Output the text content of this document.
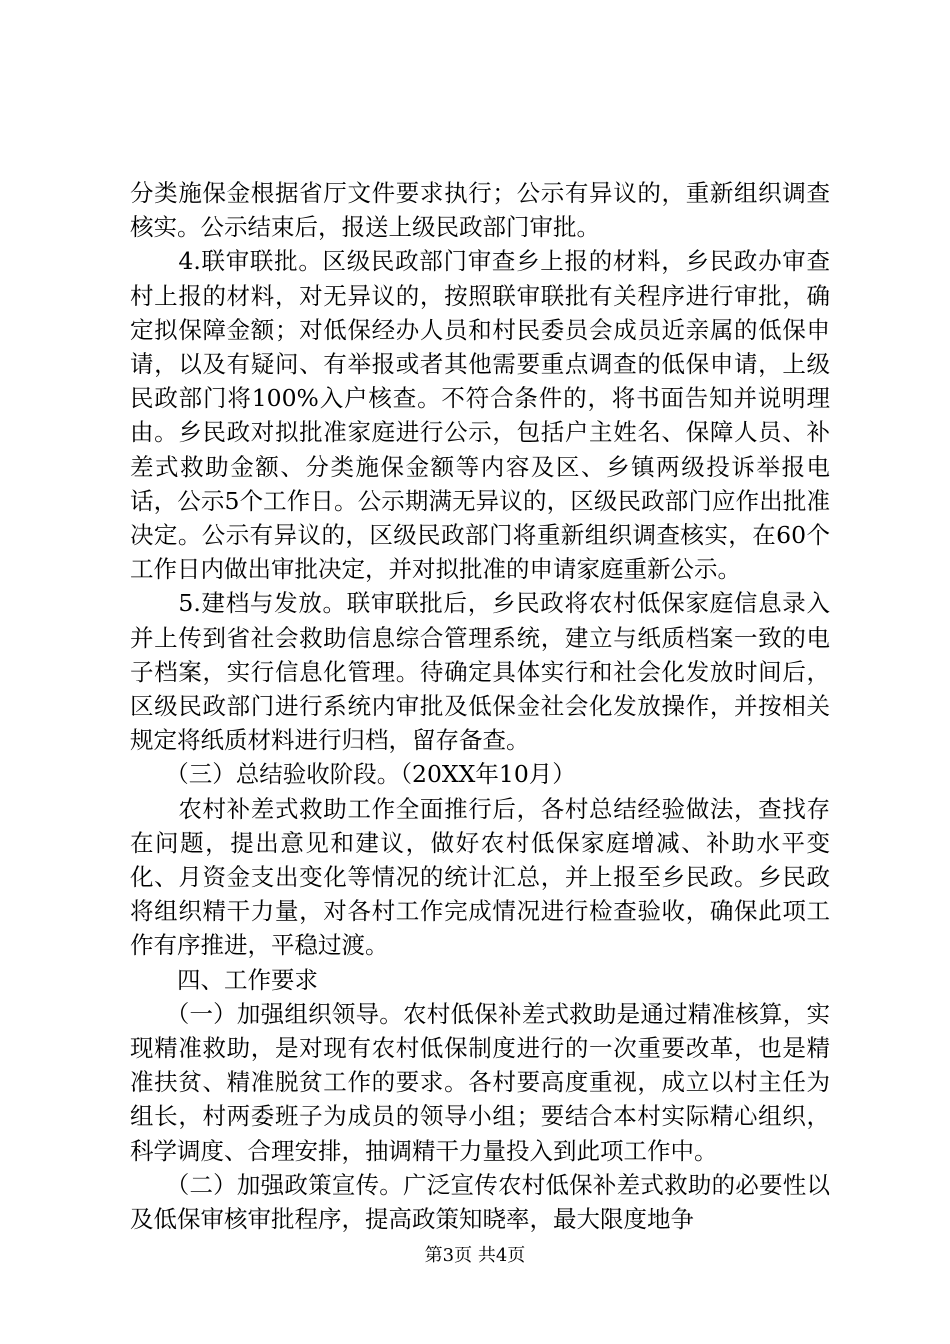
分类施保金根据省厅文件要求执行；公示有异议的，重新组织调查核实。公示结束后，报送上级民政部门审批。

　　4.联审联批。区级民政部门审查乡上报的材料，乡民政办审查村上报的材料，对无异议的，按照联审联批有关程序进行审批，确定拟保障金额；对低保经办人员和村民委员会成员近亲属的低保申请，以及有疑问、有举报或者其他需要重点调查的低保申请，上级民政部门将100%入户核查。不符合条件的，将书面告知并说明理由。乡民政对拟批准家庭进行公示，包括户主姓名、保障人员、补差式救助金额、分类施保金额等内容及区、乡镇两级投诉举报电话，公示5个工作日。公示期满无异议的，区级民政部门应作出批准决定。公示有异议的，区级民政部门将重新组织调查核实，在60个工作日内做出审批决定，并对拟批准的申请家庭重新公示。

　　5.建档与发放。联审联批后，乡民政将农村低保家庭信息录入并上传到省社会救助信息综合管理系统，建立与纸质档案一致的电子档案，实行信息化管理。待确定具体实行和社会化发放时间后，区级民政部门进行系统内审批及低保金社会化发放操作，并按相关规定将纸质材料进行归档，留存备查。

　　（三）总结验收阶段。（20XX年10月）

　　农村补差式救助工作全面推行后，各村总结经验做法，查找存在问题，提出意见和建议，做好农村低保家庭增减、补助水平变化、月资金支出变化等情况的统计汇总，并上报至乡民政。乡民政将组织精干力量，对各村工作完成情况进行检查验收，确保此项工作有序推进，平稳过渡。

　　四、工作要求

　　（一）加强组织领导。农村低保补差式救助是通过精准核算，实现精准救助，是对现有农村低保制度进行的一次重要改革，也是精准扶贫、精准脱贫工作的要求。各村要高度重视，成立以村主任为组长，村两委班子为成员的领导小组；要结合本村实际精心组织，科学调度、合理安排，抽调精干力量投入到此项工作中。

　　（二）加强政策宣传。广泛宣传农村低保补差式救助的必要性以及低保审核审批程序，提高政策知晓率，最大限度地争

第3页 共4页
